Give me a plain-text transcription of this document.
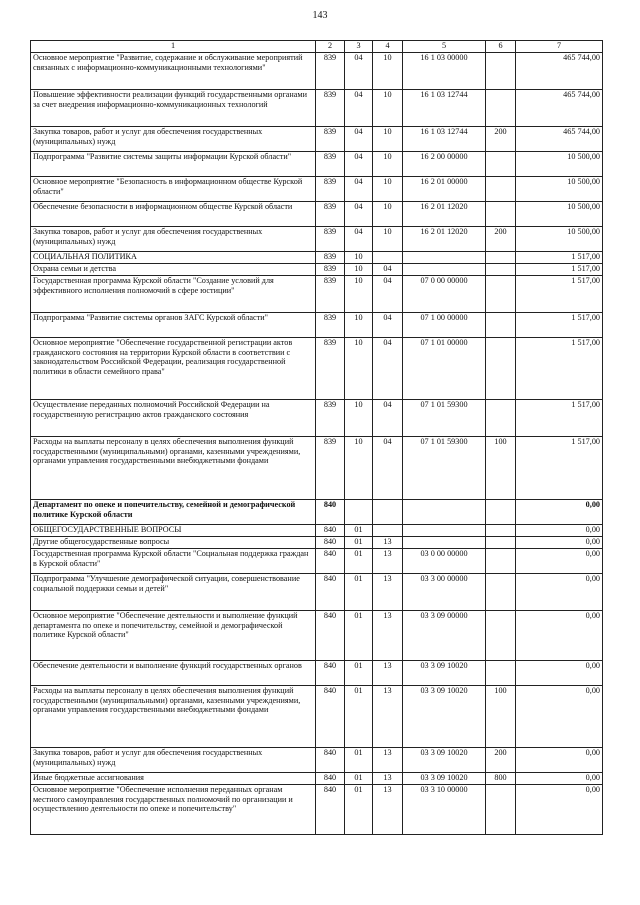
143
1	2	3	4	5	6	7
Основное мероприятие "Развитие, содержание и обслуживание мероприятий связанных с информационно-коммуникационными технологиями"	839	04	10	16 1 03 00000		465 744,00
Повышение эффективности реализации функций государственными органами за счет внедрения информационно-коммуникационных технологий	839	04	10	16 1 03 12744		465 744,00
Закупка товаров, работ и услуг для обеспечения государственных (муниципальных) нужд	839	04	10	16 1 03 12744	200	465 744,00
Подпрограмма "Развитие системы защиты информации Курской области"	839	04	10	16 2 00 00000		10 500,00
Основное мероприятие "Безопасность в информационном обществе Курской области"	839	04	10	16 2 01 00000		10 500,00
Обеспечение безопасности в информационном обществе Курской области	839	04	10	16 2 01 12020		10 500,00
Закупка товаров, работ и услуг для обеспечения государственных (муниципальных) нужд	839	04	10	16 2 01 12020	200	10 500,00
СОЦИАЛЬНАЯ ПОЛИТИКА	839	10				1 517,00
Охрана семьи и детства	839	10	04			1 517,00
Государственная программа Курской области "Создание условий для эффективного исполнения полномочий в сфере юстиции"	839	10	04	07 0 00 00000		1 517,00
Подпрограмма "Развитие системы органов ЗАГС Курской области"	839	10	04	07 1 00 00000		1 517,00
Основное мероприятие "Обеспечение государственной регистрации актов гражданского состояния на территории Курской области в соответствии с законодательством Российской Федерации, реализация государственной политики в области семейного права"	839	10	04	07 1 01 00000		1 517,00
Осуществление переданных полномочий Российской Федерации на государственную регистрацию актов гражданского состояния	839	10	04	07 1 01 59300		1 517,00
Расходы на выплаты персоналу в целях обеспечения выполнения функций государственными (муниципальными) органами, казенными учреждениями, органами управления государственными внебюджетными фондами	839	10	04	07 1 01 59300	100	1 517,00
Департамент по опеке и попечительству, семейной и демографической политике Курской области	840					0,00
ОБЩЕГОСУДАРСТВЕННЫЕ ВОПРОСЫ	840	01				0,00
Другие общегосударственные вопросы	840	01	13			0,00
Государственная программа Курской области "Социальная поддержка граждан в Курской области"	840	01	13	03 0 00 00000		0,00
Подпрограмма "Улучшение демографической ситуации, совершенствование социальной поддержки семьи и детей"	840	01	13	03 3 00 00000		0,00
Основное мероприятие "Обеспечение деятельности и выполнение функций департамента по опеке и попечительству, семейной и демографической политике Курской области"	840	01	13	03 3 09 00000		0,00
Обеспечение деятельности и выполнение функций государственных органов	840	01	13	03 3 09 10020		0,00
Расходы на выплаты персоналу в целях обеспечения выполнения функций государственными (муниципальными) органами, казенными учреждениями, органами управления государственными внебюджетными фондами	840	01	13	03 3 09 10020	100	0,00
Закупка товаров, работ и услуг для обеспечения государственных (муниципальных) нужд	840	01	13	03 3 09 10020	200	0,00
Иные бюджетные ассигнования	840	01	13	03 3 09 10020	800	0,00
Основное мероприятие "Обеспечение исполнения переданных органам местного самоуправления государственных полномочий по организации и осуществлению деятельности по опеке и попечительству"	840	01	13	03 3 10 00000		0,00
